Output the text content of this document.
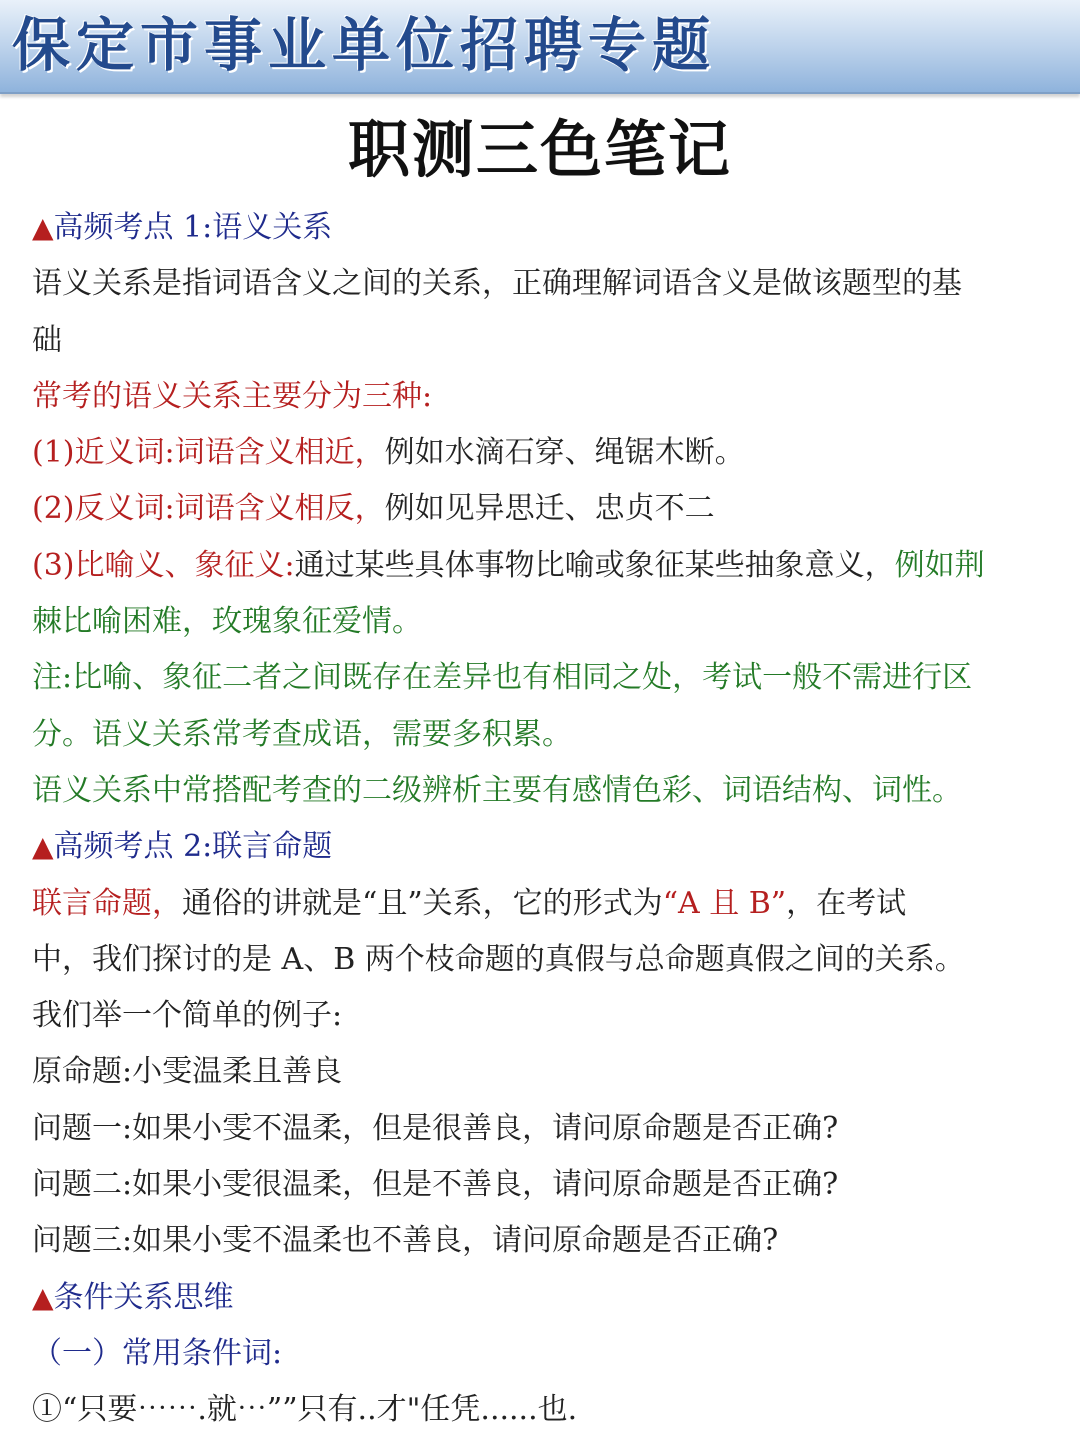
保定市事业单位招聘专题
职测三色笔记
▲高频考点 1:语义关系
语义关系是指词语含义之间的关系，正确理解词语含义是做该题型的基
础
常考的语义关系主要分为三种:
(1)近义词:词语含义相近，例如水滴石穿、绳锯木断。
(2)反义词:词语含义相反，例如见异思迁、忠贞不二
(3)比喻义、象征义:通过某些具体事物比喻或象征某些抽象意义，例如荆
棘比喻困难，玫瑰象征爱情。
注:比喻、象征二者之间既存在差异也有相同之处，考试一般不需进行区
分。语义关系常考查成语，需要多积累。
语义关系中常搭配考查的二级辨析主要有感情色彩、词语结构、词性。
▲高频考点 2:联言命题
联言命题，通俗的讲就是“且”关系，它的形式为“A 且 B”，在考试
中，我们探讨的是 A、B 两个枝命题的真假与总命题真假之间的关系。
我们举一个简单的例子:
原命题:小雯温柔且善良
问题一:如果小雯不温柔，但是很善良，请问原命题是否正确?
问题二:如果小雯很温柔，但是不善良，请问原命题是否正确?
问题三:如果小雯不温柔也不善良，请问原命题是否正确?
▲条件关系思维
（一）常用条件词:
①“只要⋯⋯.就⋯””只有..才"任凭......也.
